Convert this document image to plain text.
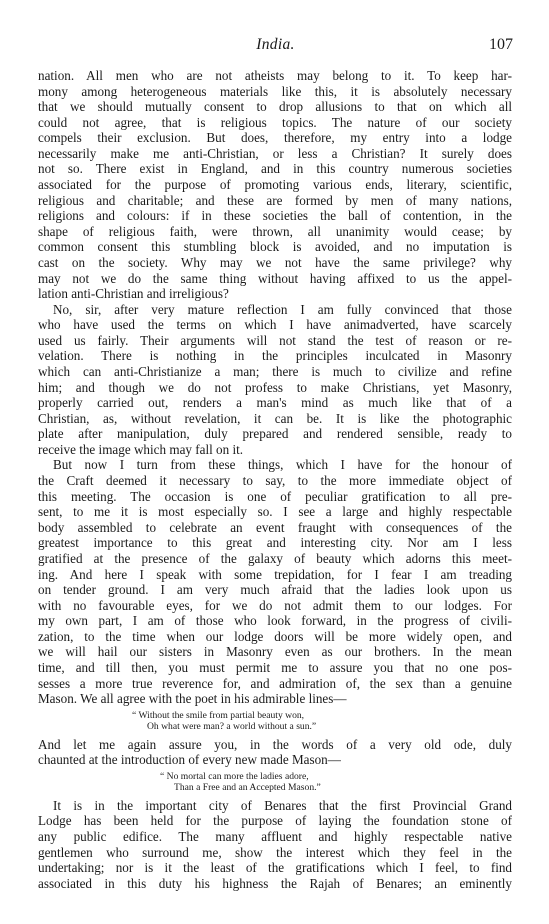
India.	107
nation. All men who are not atheists may belong to it. To keep har-
mony among heterogeneous materials like this, it is absolutely necessary
that we should mutually consent to drop allusions to that on which all
could not agree, that is religious topics. The nature of our society
compels their exclusion. But does, therefore, my entry into a lodge
necessarily make me anti-Christian, or less a Christian? It surely does
not so. There exist in England, and in this country numerous societies
associated for the purpose of promoting various ends, literary, scientific,
religious and charitable; and these are formed by men of many nations,
religions and colours: if in these societies the ball of contention, in the
shape of religious faith, were thrown, all unanimity would cease; by
common consent this stumbling block is avoided, and no imputation is
cast on the society. Why may we not have the same privilege? why
may not we do the same thing without having affixed to us the appel-
lation anti-Christian and irreligious?
No, sir, after very mature reflection I am fully convinced that those
who have used the terms on which I have animadverted, have scarcely
used us fairly. Their arguments will not stand the test of reason or re-
velation. There is nothing in the principles inculcated in Masonry
which can anti-Christianize a man; there is much to civilize and refine
him; and though we do not profess to make Christians, yet Masonry,
properly carried out, renders a man's mind as much like that of a
Christian, as, without revelation, it can be. It is like the photographic
plate after manipulation, duly prepared and rendered sensible, ready to
receive the image which may fall on it.
But now I turn from these things, which I have for the honour of
the Craft deemed it necessary to say, to the more immediate object of
this meeting. The occasion is one of peculiar gratification to all pre-
sent, to me it is most especially so. I see a large and highly respectable
body assembled to celebrate an event fraught with consequences of the
greatest importance to this great and interesting city. Nor am I less
gratified at the presence of the galaxy of beauty which adorns this meet-
ing. And here I speak with some trepidation, for I fear I am treading
on tender ground. I am very much afraid that the ladies look upon us
with no favourable eyes, for we do not admit them to our lodges. For
my own part, I am of those who look forward, in the progress of civili-
zation, to the time when our lodge doors will be more widely open, and
we will hail our sisters in Masonry even as our brothers. In the mean
time, and till then, you must permit me to assure you that no one pos-
sesses a more true reverence for, and admiration of, the sex than a genuine
Mason. We all agree with the poet in his admirable lines—
“ Without the smile from partial beauty won,
Oh what were man? a world without a sun.”
And let me again assure you, in the words of a very old ode, duly
chaunted at the introduction of every new made Mason—
“ No mortal can more the ladies adore,
Than a Free and an Accepted Mason.”
It is in the important city of Benares that the first Provincial Grand
Lodge has been held for the purpose of laying the foundation stone of
any public edifice. The many affluent and highly respectable native
gentlemen who surround me, show the interest which they feel in the
undertaking; nor is it the least of the gratifications which I feel, to find
associated in this duty his highness the Rajah of Benares; an eminently
